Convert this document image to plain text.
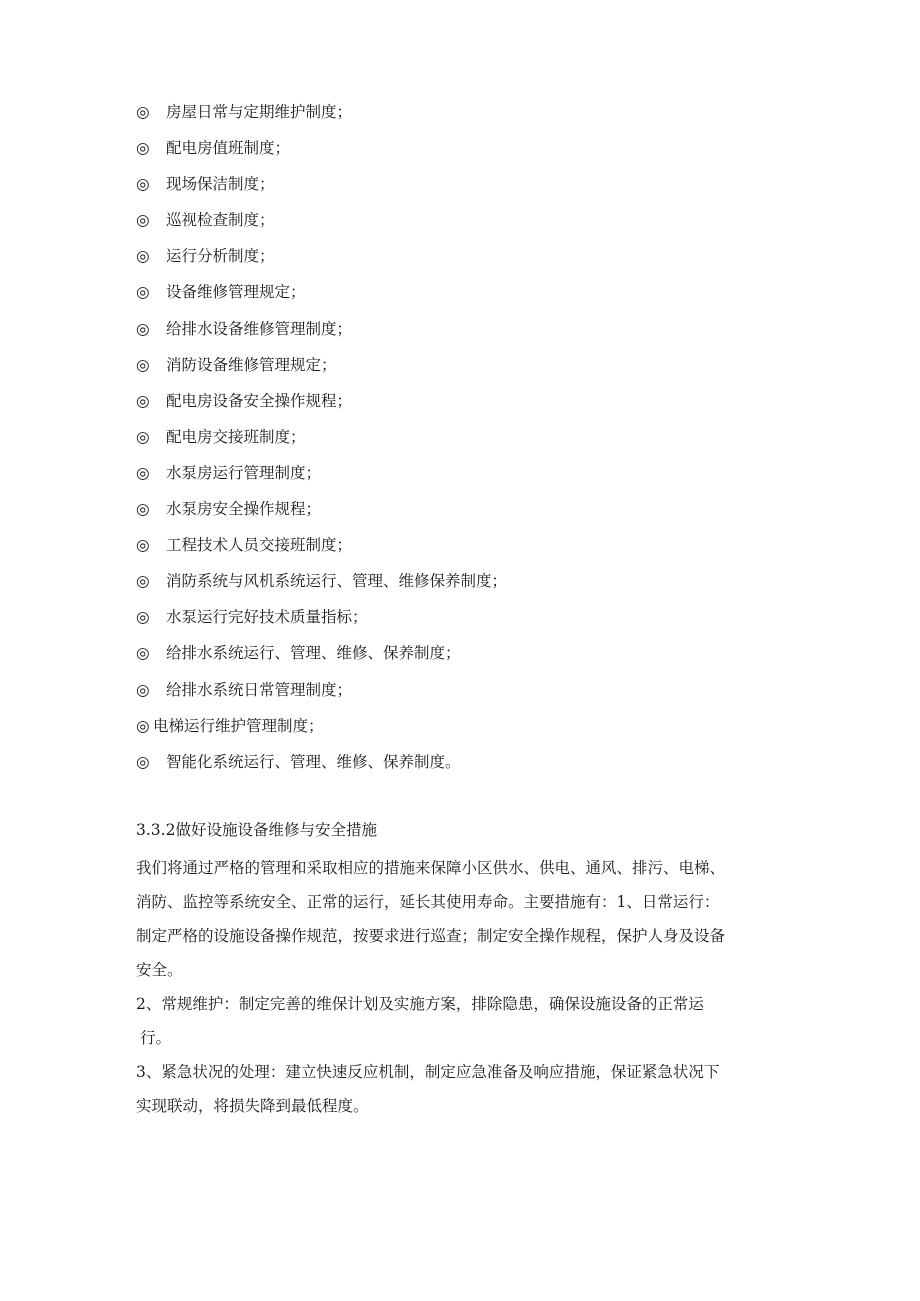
◎	房屋日常与定期维护制度；
◎	配电房值班制度；
◎	现场保洁制度；
◎	巡视检查制度；
◎	运行分析制度；
◎	设备维修管理规定；
◎	给排水设备维修管理制度；
◎	消防设备维修管理规定；
◎	配电房设备安全操作规程；
◎	配电房交接班制度；
◎	水泵房运行管理制度；
◎	水泵房安全操作规程；
◎	工程技术人员交接班制度；
◎	消防系统与风机系统运行、管理、维修保养制度；
◎	水泵运行完好技术质量指标；
◎	给排水系统运行、管理、维修、保养制度；
◎	给排水系统日常管理制度；
◎ 电梯运行维护管理制度；
◎	智能化系统运行、管理、维修、保养制度。
3.3.2做好设施设备维修与安全措施

我们将通过严格的管理和采取相应的措施来保障小区供水、供电、通风、排污、电梯、
消防、监控等系统安全、正常的运行，延长其使用寿命。主要措施有：1、日常运行：
制定严格的设施设备操作规范，按要求进行巡查；制定安全操作规程，保护人身及设备
安全。

2、常规维护：制定完善的维保计划及实施方案，排除隐患，确保设施设备的正常运
行。

3、紧急状况的处理：建立快速反应机制，制定应急准备及响应措施，保证紧急状况下
实现联动，将损失降到最低程度。
